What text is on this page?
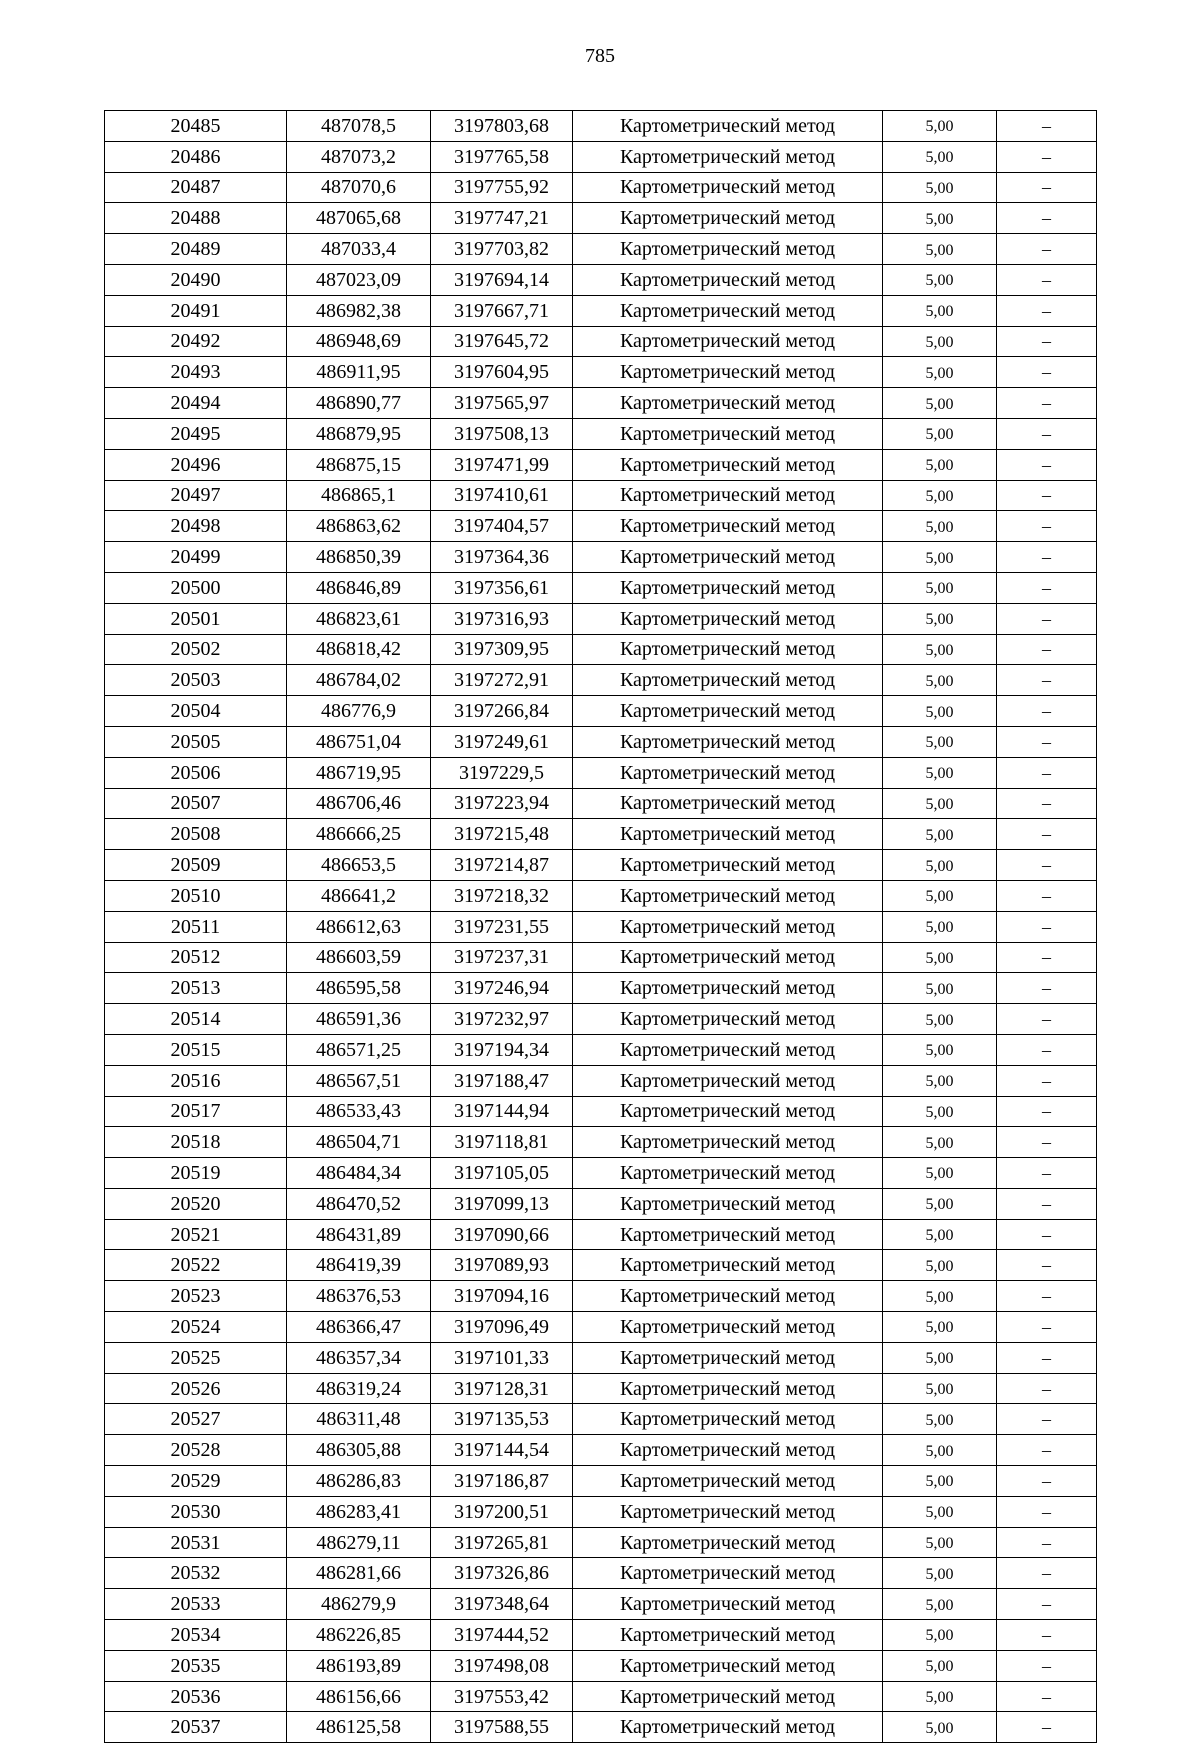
785
20485	487078,5	3197803,68	Картометрический метод	5,00	–
20486	487073,2	3197765,58	Картометрический метод	5,00	–
20487	487070,6	3197755,92	Картометрический метод	5,00	–
20488	487065,68	3197747,21	Картометрический метод	5,00	–
20489	487033,4	3197703,82	Картометрический метод	5,00	–
20490	487023,09	3197694,14	Картометрический метод	5,00	–
20491	486982,38	3197667,71	Картометрический метод	5,00	–
20492	486948,69	3197645,72	Картометрический метод	5,00	–
20493	486911,95	3197604,95	Картометрический метод	5,00	–
20494	486890,77	3197565,97	Картометрический метод	5,00	–
20495	486879,95	3197508,13	Картометрический метод	5,00	–
20496	486875,15	3197471,99	Картометрический метод	5,00	–
20497	486865,1	3197410,61	Картометрический метод	5,00	–
20498	486863,62	3197404,57	Картометрический метод	5,00	–
20499	486850,39	3197364,36	Картометрический метод	5,00	–
20500	486846,89	3197356,61	Картометрический метод	5,00	–
20501	486823,61	3197316,93	Картометрический метод	5,00	–
20502	486818,42	3197309,95	Картометрический метод	5,00	–
20503	486784,02	3197272,91	Картометрический метод	5,00	–
20504	486776,9	3197266,84	Картометрический метод	5,00	–
20505	486751,04	3197249,61	Картометрический метод	5,00	–
20506	486719,95	3197229,5	Картометрический метод	5,00	–
20507	486706,46	3197223,94	Картометрический метод	5,00	–
20508	486666,25	3197215,48	Картометрический метод	5,00	–
20509	486653,5	3197214,87	Картометрический метод	5,00	–
20510	486641,2	3197218,32	Картометрический метод	5,00	–
20511	486612,63	3197231,55	Картометрический метод	5,00	–
20512	486603,59	3197237,31	Картометрический метод	5,00	–
20513	486595,58	3197246,94	Картометрический метод	5,00	–
20514	486591,36	3197232,97	Картометрический метод	5,00	–
20515	486571,25	3197194,34	Картометрический метод	5,00	–
20516	486567,51	3197188,47	Картометрический метод	5,00	–
20517	486533,43	3197144,94	Картометрический метод	5,00	–
20518	486504,71	3197118,81	Картометрический метод	5,00	–
20519	486484,34	3197105,05	Картометрический метод	5,00	–
20520	486470,52	3197099,13	Картометрический метод	5,00	–
20521	486431,89	3197090,66	Картометрический метод	5,00	–
20522	486419,39	3197089,93	Картометрический метод	5,00	–
20523	486376,53	3197094,16	Картометрический метод	5,00	–
20524	486366,47	3197096,49	Картометрический метод	5,00	–
20525	486357,34	3197101,33	Картометрический метод	5,00	–
20526	486319,24	3197128,31	Картометрический метод	5,00	–
20527	486311,48	3197135,53	Картометрический метод	5,00	–
20528	486305,88	3197144,54	Картометрический метод	5,00	–
20529	486286,83	3197186,87	Картометрический метод	5,00	–
20530	486283,41	3197200,51	Картометрический метод	5,00	–
20531	486279,11	3197265,81	Картометрический метод	5,00	–
20532	486281,66	3197326,86	Картометрический метод	5,00	–
20533	486279,9	3197348,64	Картометрический метод	5,00	–
20534	486226,85	3197444,52	Картометрический метод	5,00	–
20535	486193,89	3197498,08	Картометрический метод	5,00	–
20536	486156,66	3197553,42	Картометрический метод	5,00	–
20537	486125,58	3197588,55	Картометрический метод	5,00	–
